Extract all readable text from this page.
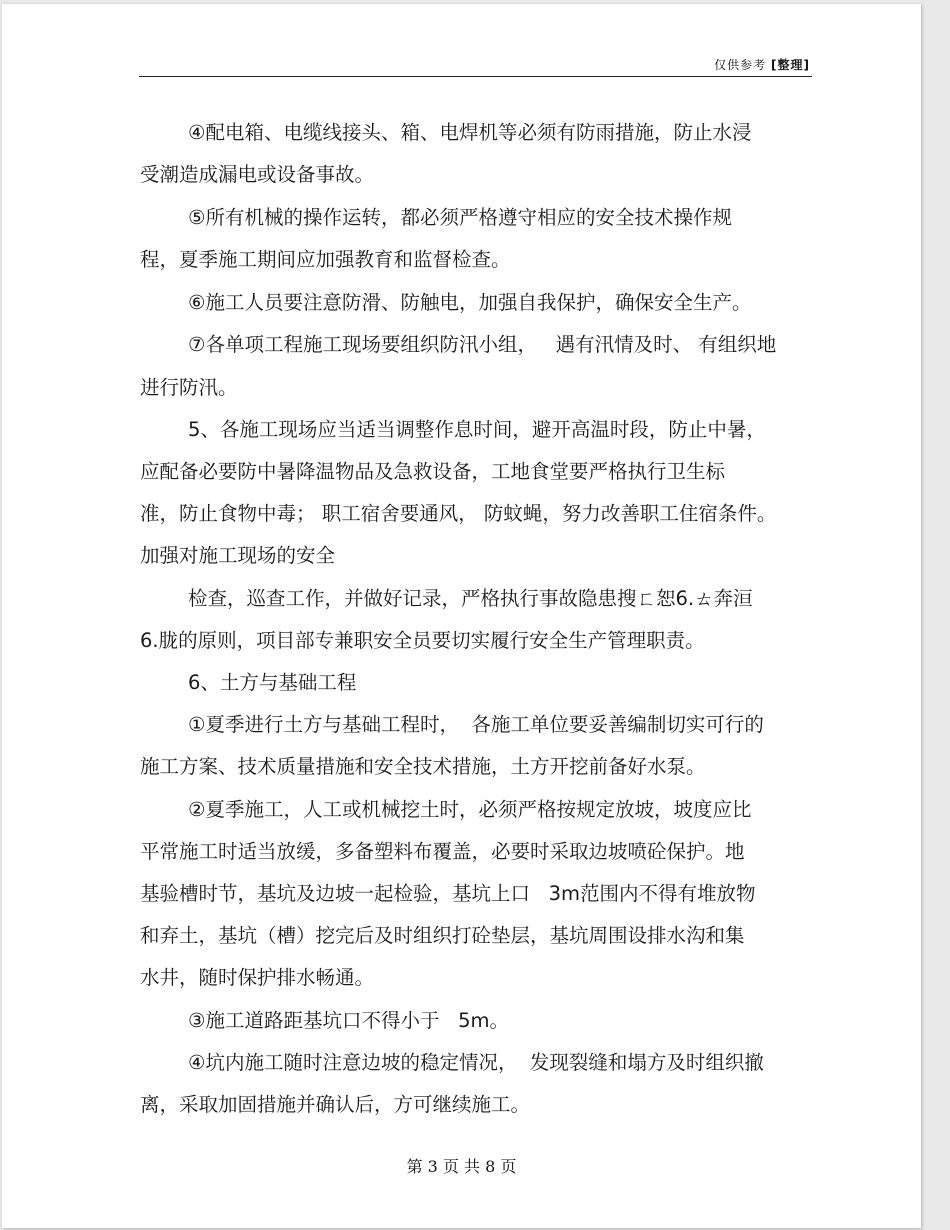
仅供参考 [整理]
④配电箱、电缆线接头、箱、电焊机等必须有防雨措施，防止水浸
受潮造成漏电或设备事故。
⑤所有机械的操作运转，都必须严格遵守相应的安全技术操作规
程，夏季施工期间应加强教育和监督检查。
⑥施工人员要注意防滑、防触电，加强自我保护，确保安全生产。
⑦各单项工程施工现场要组织防汛小组，   遇有汛情及时、 有组织地
进行防汛。
5、各施工现场应当适当调整作息时间，避开高温时段，防止中暑，
应配备必要防中暑降温物品及急救设备，工地食堂要严格执行卫生标
准，防止食物中毒； 职工宿舍要通风， 防蚊蝇，努力改善职工住宿条件。
加强对施工现场的安全
检查，巡查工作，并做好记录，严格执行事故隐患搜ㄈ恕6.ㄊ奔洹
6.胧的原则，项目部专兼职安全员要切实履行安全生产管理职责。
6、土方与基础工程
①夏季进行土方与基础工程时，  各施工单位要妥善编制切实可行的
施工方案、技术质量措施和安全技术措施，土方开挖前备好水泵。
②夏季施工，人工或机械挖土时，必须严格按规定放坡，坡度应比
平常施工时适当放缓，多备塑料布覆盖，必要时采取边坡喷砼保护。地
基验槽时节，基坑及边坡一起检验，基坑上口   3m范围内不得有堆放物
和弃土，基坑（槽）挖完后及时组织打砼垫层，基坑周围设排水沟和集
水井，随时保护排水畅通。
③施工道路距基坑口不得小于   5m。
④坑内施工随时注意边坡的稳定情况，  发现裂缝和塌方及时组织撤
离，采取加固措施并确认后，方可继续施工。
第 3 页 共 8 页
